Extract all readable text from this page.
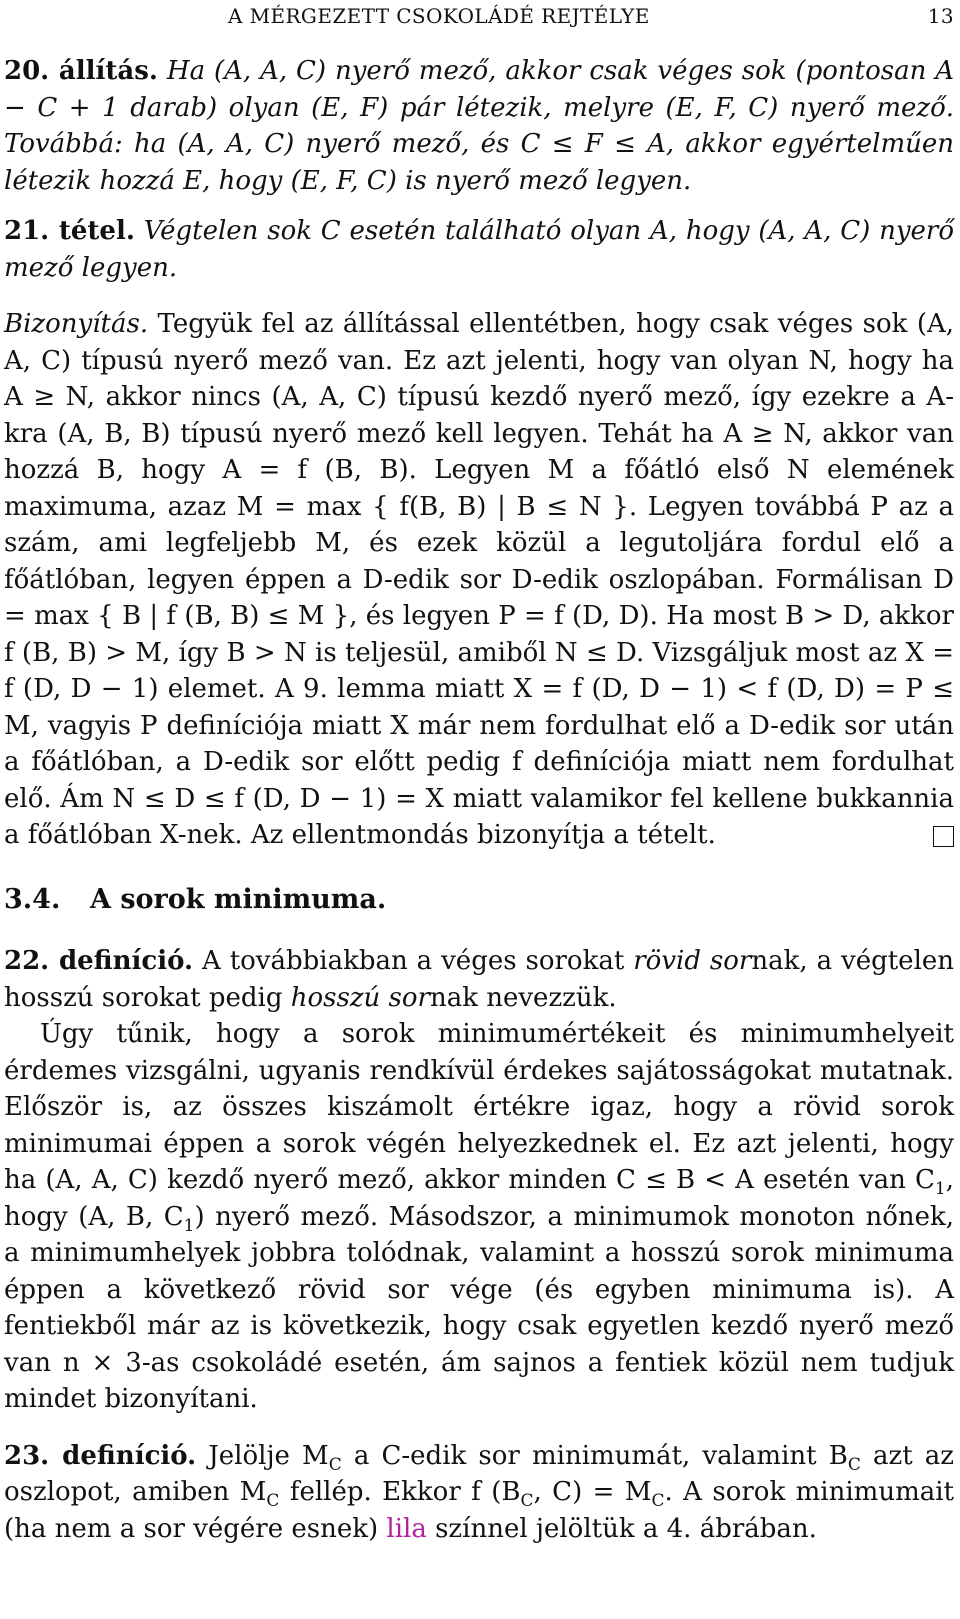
A MÉRGEZETT CSOKOLÁDÉ REJTÉLYE	13

20. állítás. Ha (A, A, C) nyerő mező, akkor csak véges sok (pontosan A − C + 1 darab) olyan (E, F) pár létezik, melyre (E, F, C) nyerő mező. Továbbá: ha (A, A, C) nyerő mező, és C ≤ F ≤ A, akkor egyértelműen létezik hozzá E, hogy (E, F, C) is nyerő mező legyen.

21. tétel. Végtelen sok C esetén található olyan A, hogy (A, A, C) nyerő mező legyen.

Bizonyítás. Tegyük fel az állítással ellentétben, hogy csak véges sok (A, A, C) típusú nyerő mező van. Ez azt jelenti, hogy van olyan N, hogy ha A ≥ N, akkor nincs (A, A, C) típusú kezdő nyerő mező, így ezekre a A-kra (A, B, B) típusú nyerő mező kell legyen. Tehát ha A ≥ N, akkor van hozzá B, hogy A = f (B, B). Legyen M a főátló első N elemének maximuma, azaz M = max { f(B, B) | B ≤ N }. Legyen továbbá P az a szám, ami legfeljebb M, és ezek közül a legutoljára fordul elő a főátlóban, legyen éppen a D-edik sor D-edik oszlopában. Formálisan D = max { B | f (B, B) ≤ M }, és legyen P = f (D, D). Ha most B > D, akkor f (B, B) > M, így B > N is teljesül, amiből N ≤ D. Vizsgáljuk most az X = f (D, D − 1) elemet. A 9. lemma miatt X = f (D, D − 1) < f (D, D) = P ≤ M, vagyis P definíciója miatt X már nem fordulhat elő a D-edik sor után a főátlóban, a D-edik sor előtt pedig f definíciója miatt nem fordulhat elő. Ám N ≤ D ≤ f (D, D − 1) = X miatt valamikor fel kellene bukkannia a főátlóban X-nek. Az ellentmondás bizonyítja a tételt.

3.4. A sorok minimuma.

22. definíció. A továbbiakban a véges sorokat rövid sornak, a végtelen hosszú sorokat pedig hosszú sornak nevezzük.

Úgy tűnik, hogy a sorok minimumértékeit és minimumhelyeit érdemes vizsgálni, ugyanis rendkívül érdekes sajátosságokat mutatnak. Először is, az összes kiszámolt értékre igaz, hogy a rövid sorok minimumai éppen a sorok végén helyezkednek el. Ez azt jelenti, hogy ha (A, A, C) kezdő nyerő mező, akkor minden C ≤ B < A esetén van $C_1$, hogy (A, B, $C_1$) nyerő mező. Másodszor, a minimumok monoton nőnek, a minimumhelyek jobbra tolódnak, valamint a hosszú sorok minimuma éppen a következő rövid sor vége (és egyben minimuma is). A fentiekből már az is következik, hogy csak egyetlen kezdő nyerő mező van n × 3-as csokoládé esetén, ám sajnos a fentiek közül nem tudjuk mindet bizonyítani.

23. definíció. Jelölje $M_C$ a C-edik sor minimumát, valamint $B_C$ azt az oszlopot, amiben $M_C$ fellép. Ekkor f ($B_C$, $C) = M_C$. A sorok minimumait (ha nem a sor végére esnek) lila színnel jelöltük a 4. ábrában.
